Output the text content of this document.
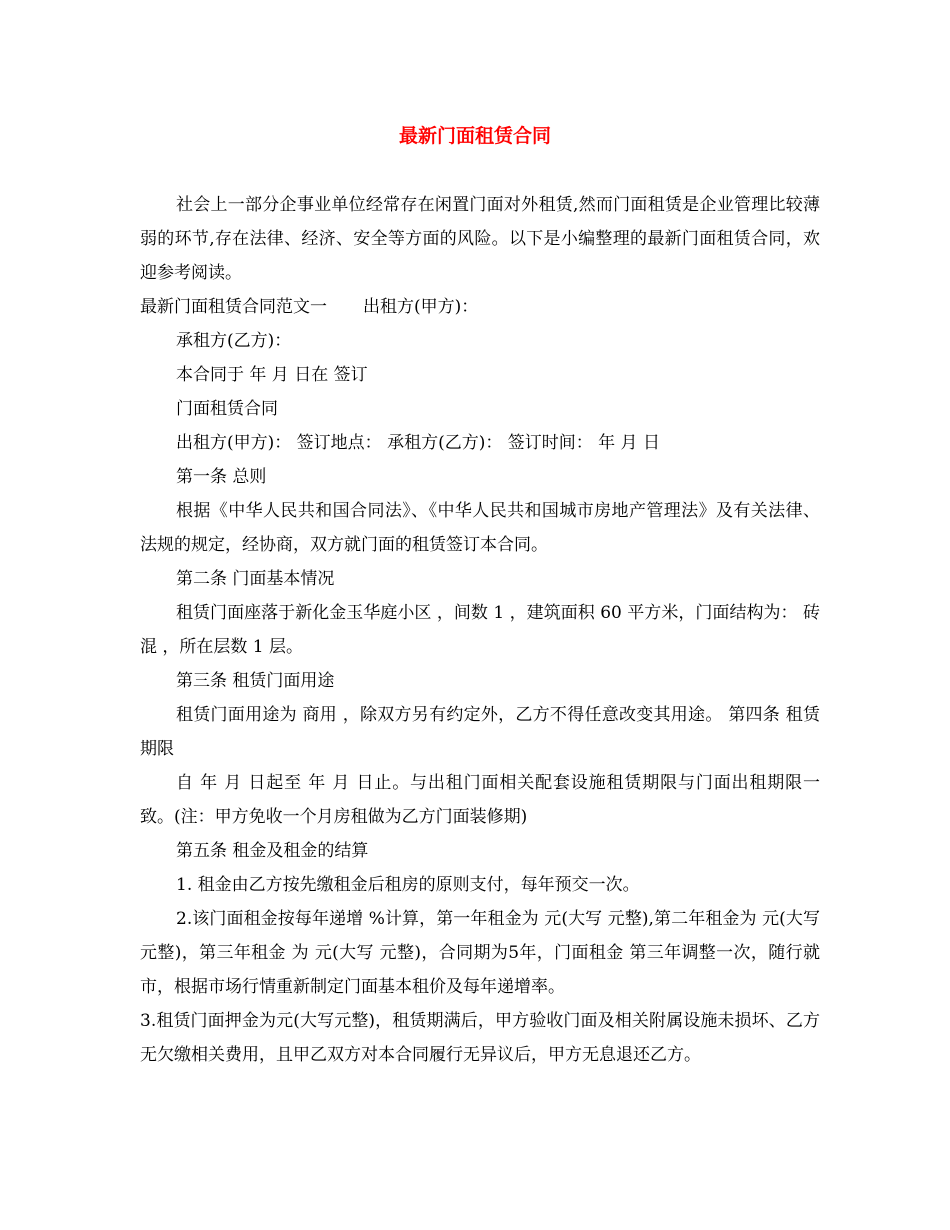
最新门面租赁合同

社会上一部分企事业单位经常存在闲置门面对外租赁,然而门面租赁是企业管理比较薄弱的环节,存在法律、经济、安全等方面的风险。以下是小编整理的最新门面租赁合同，欢迎参考阅读。

最新门面租赁合同范文一 出租方(甲方)：

承租方(乙方)：

本合同于 年 月 日在 签订

门面租赁合同

出租方(甲方)： 签订地点： 承租方(乙方)： 签订时间： 年 月 日

第一条 总则

根据《中华人民共和国合同法》、《中华人民共和国城市房地产管理法》及有关法律、法规的规定，经协商，双方就门面的租赁签订本合同。

第二条 门面基本情况

租赁门面座落于新化金玉华庭小区 ，间数 1 ，建筑面积 60 平方米，门面结构为： 砖混 ，所在层数 1 层。

第三条 租赁门面用途

租赁门面用途为 商用 ，除双方另有约定外，乙方不得任意改变其用途。 第四条 租赁期限

自 年 月 日起至 年 月 日止。与出租门面相关配套设施租赁期限与门面出租期限一致。(注：甲方免收一个月房租做为乙方门面装修期)

第五条 租金及租金的结算

1. 租金由乙方按先缴租金后租房的原则支付，每年预交一次。

2.该门面租金按每年递增 %计算，第一年租金为 元(大写 元整),第二年租金为 元(大写 元整)，第三年租金 为 元(大写 元整)，合同期为5年，门面租金 第三年调整一次，随行就市，根据市场行情重新制定门面基本租价及每年递增率。

3.租赁门面押金为元(大写元整)，租赁期满后，甲方验收门面及相关附属设施未损坏、乙方无欠缴相关费用，且甲乙双方对本合同履行无异议后，甲方无息退还乙方。
